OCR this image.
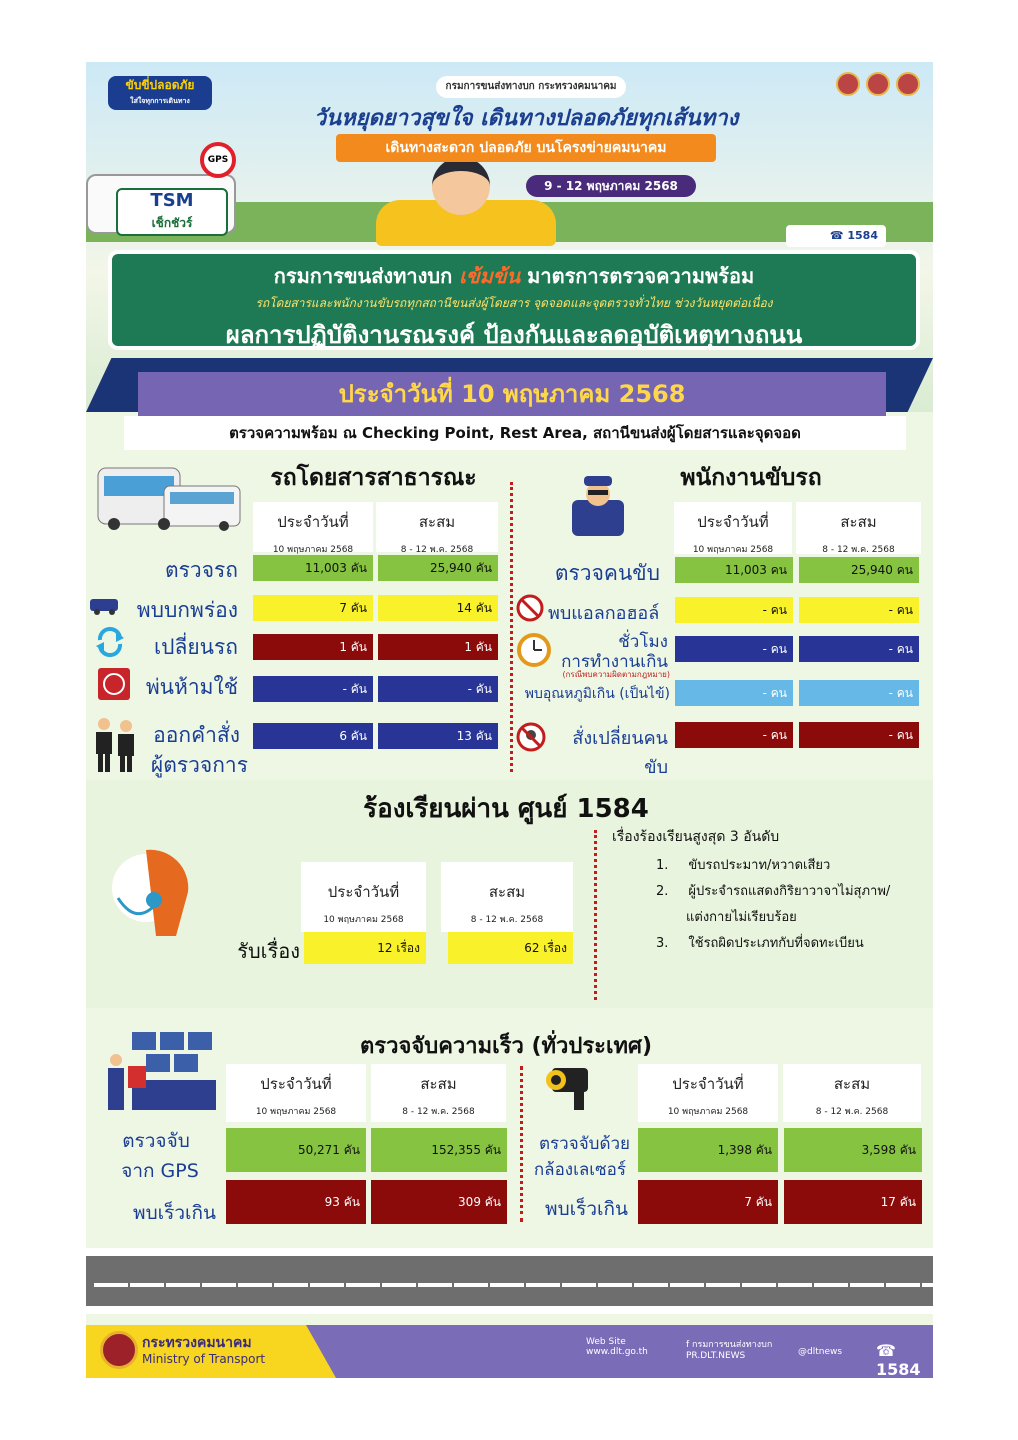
ขับขี่ปลอดภัย
ใส่ใจทุกการเดินทาง
กรมการขนส่งทางบก กระทรวงคมนาคม
วันหยุดยาวสุขใจ เดินทางปลอดภัยทุกเส้นทาง
เดินทางสะดวก ปลอดภัย บนโครงข่ายคมนาคม
9 - 12 พฤษภาคม 2568
GPS
TSM
เช็กชัวร์
☎ 1584
กรมการขนส่งทางบก เข้มข้น มาตรการตรวจความพร้อม
รถโดยสารและพนักงานขับรถทุกสถานีขนส่งผู้โดยสาร จุดจอดและจุดตรวจทั่วไทย ช่วงวันหยุดต่อเนื่อง
ผลการปฏิบัติงานรณรงค์ ป้องกันและลดอุบัติเหตุทางถนน
ประจำวันที่ 10 พฤษภาคม 2568
ตรวจความพร้อม ณ Checking Point, Rest Area, สถานีขนส่งผู้โดยสารและจุดจอด
รถโดยสารสาธารณะ
ประจำวันที่
10 พฤษภาคม 2568
สะสม
8 - 12 พ.ค. 2568
ตรวจรถ	11,003 คัน	25,940 คัน
พบบกพร่อง	7 คัน	14 คัน
เปลี่ยนรถ	1 คัน	1 คัน
พ่นห้ามใช้	- คัน	- คัน
ออกคำสั่ง
ผู้ตรวจการ
6 คัน	13 คัน
พนักงานขับรถ
ประจำวันที่
10 พฤษภาคม 2568
สะสม
8 - 12 พ.ค. 2568
ตรวจคนขับ	11,003 คน	25,940 คน
พบแอลกอฮอล์	- คน	- คน
ชั่วโมง
การทำงานเกิน
(กรณีพบความผิดตามกฎหมาย)
- คน	- คน
พบอุณหภูมิเกิน (เป็นไข้)	- คน	- คน
สั่งเปลี่ยนคนขับ
- คน	- คน
ร้องเรียนผ่าน ศูนย์ 1584
ประจำวันที่
10 พฤษภาคม 2568
สะสม
8 - 12 พ.ค. 2568
รับเรื่อง	12 เรื่อง	62 เรื่อง
เรื่องร้องเรียนสูงสุด 3 อันดับ
1. ขับรถประมาท/หวาดเสียว
2. ผู้ประจำรถแสดงกิริยาวาจาไม่สุภาพ/
แต่งกายไม่เรียบร้อย
3. ใช้รถผิดประเภทกับที่จดทะเบียน
ตรวจจับความเร็ว (ทั่วประเทศ)
ประจำวันที่
10 พฤษภาคม 2568
สะสม
8 - 12 พ.ค. 2568
ตรวจจับ
จาก GPS
50,271 คัน	152,355 คัน
พบเร็วเกิน	93 คัน	309 คัน
ประจำวันที่
10 พฤษภาคม 2568
สะสม
8 - 12 พ.ค. 2568
ตรวจจับด้วย
กล้องเลเซอร์
1,398 คัน	3,598 คัน
พบเร็วเกิน	7 คัน	17 คัน
กระทรวงคมนาคม
Ministry of Transport
Web Site
www.dlt.go.th
f กรมการขนส่งทางบก
PR.DLT.NEWS	@dltnews ☎ 1584
